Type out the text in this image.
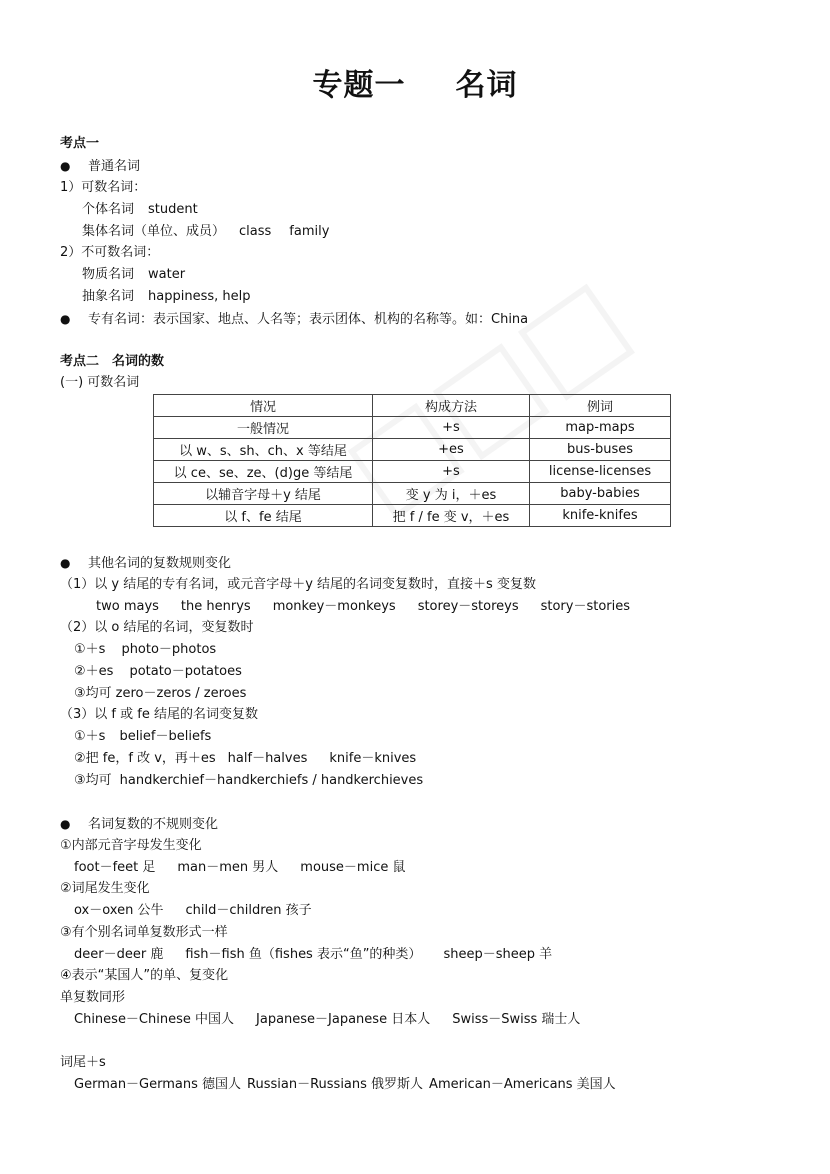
专题一 名词
考点一
● 普通名词
1）可数名词：
个体名词 student
集体名词（单位、成员） class family
2）不可数名词：
物质名词 water
抽象名词 happiness, help
● 专有名词：表示国家、地点、人名等；表示团体、机构的名称等。如：China
考点二　名词的数
(一) 可数名词
情况	构成方法	例词
一般情况	+s	map-maps
以 w、s、sh、ch、x 等结尾	+es	bus-buses
以 ce、se、ze、(d)ge 等结尾	+s	license-licenses
以辅音字母＋y 结尾	变 y 为 i，＋es	baby-babies
以 f、fe 结尾	把 f / fe 变 v，＋es	knife-knifes
● 其他名词的复数规则变化
（1）以 y 结尾的专有名词，或元音字母＋y 结尾的名词变复数时，直接＋s 变复数
two mays the henrys monkey－monkeys storey－storeys story－stories
（2）以 o 结尾的名词，变复数时
①＋s photo－photos
②＋es potato－potatoes
③均可 zero－zeros / zeroes
（3）以 f 或 fe 结尾的名词变复数
①＋s belief－beliefs
②把 fe，f 改 v，再＋es half－halves knife－knives
③均可 handkerchief－handkerchiefs / handkerchieves
● 名词复数的不规则变化
①内部元音字母发生变化
foot－feet 足 man－men 男人 mouse－mice 鼠
②词尾发生变化
ox－oxen 公牛 child－children 孩子
③有个别名词单复数形式一样
deer－deer 鹿 fish－fish 鱼（fishes 表示“鱼”的种类） sheep－sheep 羊
④表示“某国人”的单、复变化
单复数同形
Chinese－Chinese 中国人 Japanese－Japanese 日本人 Swiss－Swiss 瑞士人
词尾＋s
German－Germans 德国人 Russian－Russians 俄罗斯人 American－Americans 美国人
